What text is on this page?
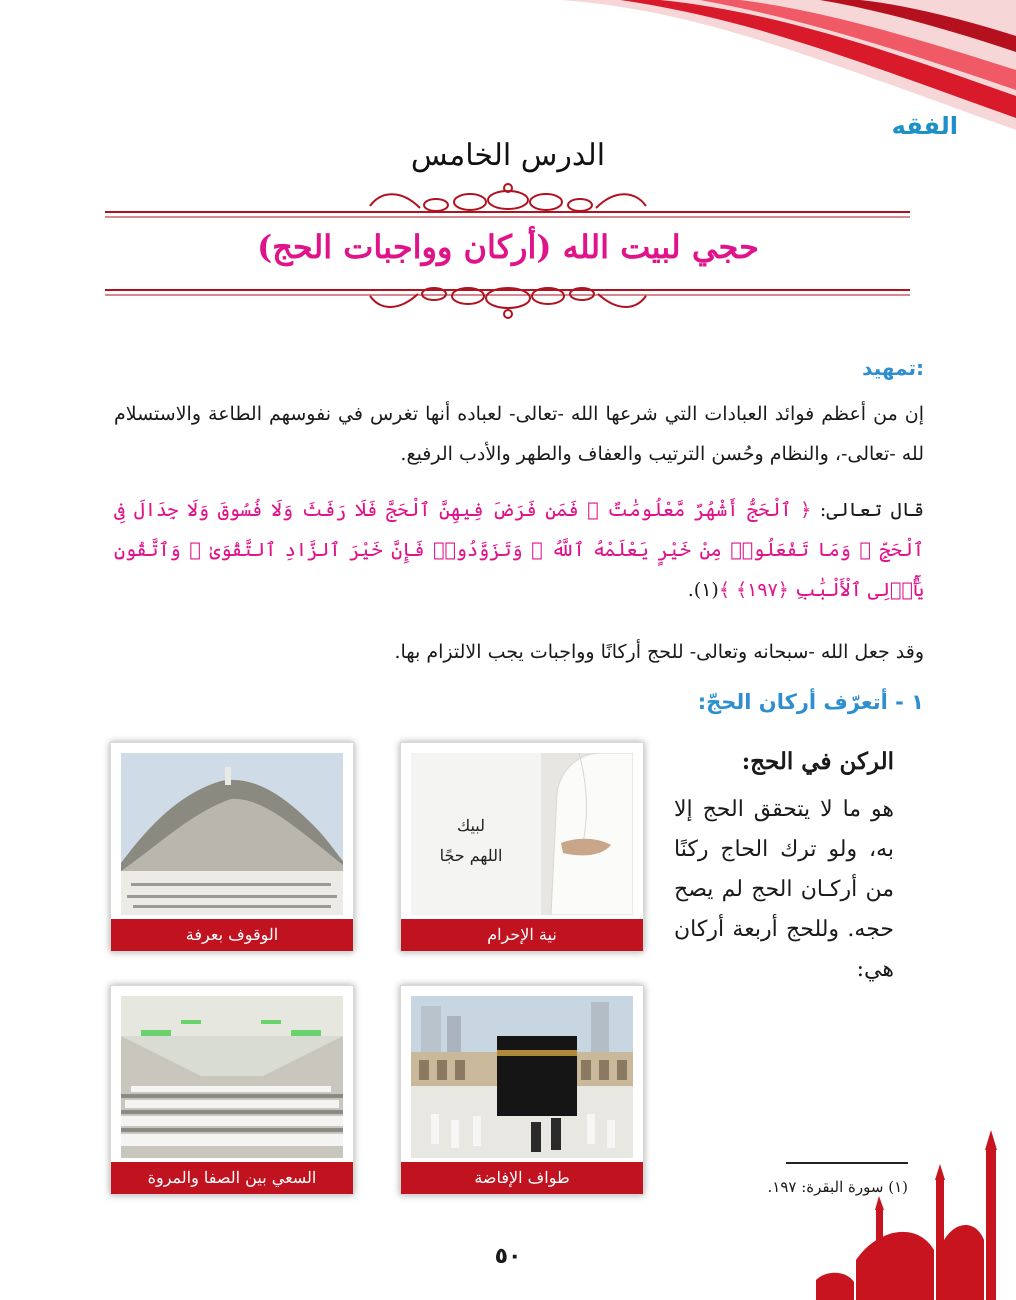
الفقه
الدرس الخامس
حجي لبيت الله (أركان وواجبات الحج)
تمهيد:

إن من أعظم فوائد العبادات التي شرعها الله -تعالى- لعباده أنها تغرس في نفوسهم الطاعة والاستسلام لله -تعالى-، والنظام وحُسن الترتيب والعفاف والطهر والأدب الرفيع.

قال تعالى: ﴿ ٱلْحَجُّ أَشْهُرٌ مَّعْلُومَٰتٌ ۚ فَمَن فَرَضَ فِيهِنَّ ٱلْحَجَّ فَلَا رَفَثَ وَلَا فُسُوقَ وَلَا جِدَالَ فِى ٱلْحَجِّ ۗ وَمَا تَفْعَلُوا۟ مِنْ خَيْرٍ يَعْلَمْهُ ٱللَّهُ ۗ وَتَزَوَّدُوا۟ فَإِنَّ خَيْرَ ٱلزَّادِ ٱلتَّقْوَىٰ ۚ وَٱتَّقُونِ يَٰٓأُو۟لِى ٱلْأَلْبَٰبِ ﴿١٩٧﴾ ﴾(١).

وقد جعل الله -سبحانه وتعالى- للحج أركانًا وواجبات يجب الالتزام بها.

١ - أتعرّف أركان الحجّ:
الركن في الحج:

هو ما لا يتحقق الحج إلا به، ولو ترك الحاج ركنًا من أركـان الحج لم يصح حجه. وللحج أربعة أركان هي:

لبيك
اللهم حجًا
نية الإحرام
الوقوف بعرفة
طواف الإفاضة
السعي بين الصفا والمروة	(١) سورة البقرة: ١٩٧.
٥٠
